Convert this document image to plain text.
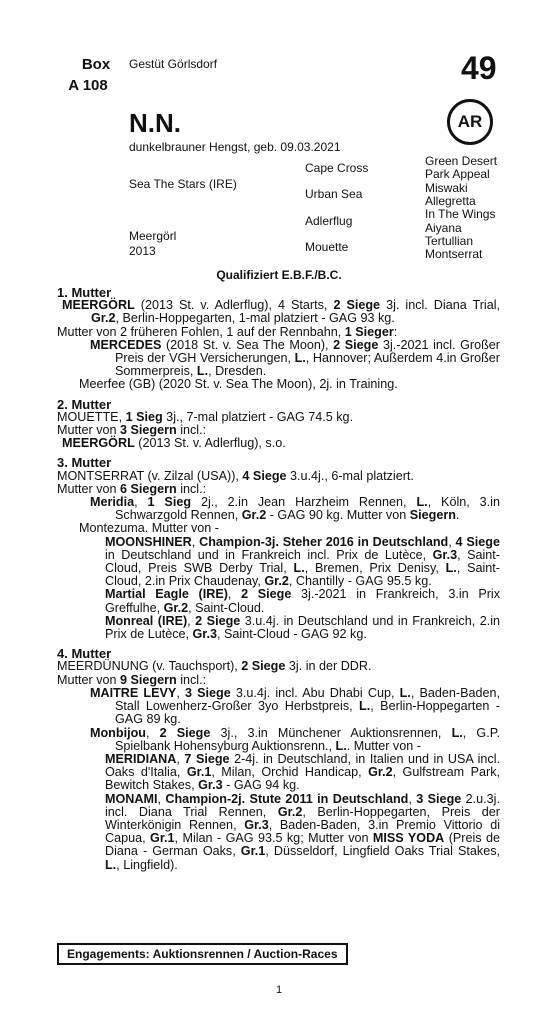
Box
A 108
Gestüt Görlsdorf	49
AR
N.N.
dunkelbrauner Hengst, geb. 09.03.2021
Sea The Stars (IRE)
Meergörl
2013
Cape Cross
Urban Sea
Adlerflug
Mouette
Green Desert
Park Appeal
Miswaki
Allegretta
In The Wings
Aiyana
Tertullian
Montserrat
Qualifiziert E.B.F./B.C.

1. Mutter

MEERGÖRL (2013 St. v. Adlerflug), 4 Starts, 2 Siege 3j. incl. Diana Trial, Gr.2, Berlin-Hoppegarten, 1-mal platziert - GAG 93 kg.

Mutter von 2 früheren Fohlen, 1 auf der Rennbahn, 1 Sieger:

MERCEDES (2018 St. v. Sea The Moon), 2 Siege 3j.-2021 incl. Großer Preis der VGH Versicherungen, L., Hannover; Außerdem 4.in Großer Sommerpreis, L., Dresden.

Meerfee (GB) (2020 St. v. Sea The Moon), 2j. in Training.

2. Mutter

MOUETTE, 1 Sieg 3j., 7-mal platziert - GAG 74.5 kg.

Mutter von 3 Siegern incl.:

MEERGÖRL (2013 St. v. Adlerflug), s.o.

3. Mutter

MONTSERRAT (v. Zilzal (USA)), 4 Siege 3.u.4j., 6-mal platziert.

Mutter von 6 Siegern incl.:

Meridia, 1 Sieg 2j., 2.in Jean Harzheim Rennen, L., Köln, 3.in Schwarzgold Rennen, Gr.2 - GAG 90 kg. Mutter von Siegern.

Montezuma. Mutter von -

MOONSHINER, Champion-3j. Steher 2016 in Deutschland, 4 Siege in Deutschland und in Frankreich incl. Prix de Lutèce, Gr.3, Saint-Cloud, Preis SWB Derby Trial, L., Bremen, Prix Denisy, L., Saint-Cloud, 2.in Prix Chaudenay, Gr.2, Chantilly - GAG 95.5 kg.

Martial Eagle (IRE), 2 Siege 3j.-2021 in Frankreich, 3.in Prix Greffulhe, Gr.2, Saint-Cloud.

Monreal (IRE), 2 Siege 3.u.4j. in Deutschland und in Frankreich, 2.in Prix de Lutèce, Gr.3, Saint-Cloud - GAG 92 kg.

4. Mutter

MEERDÜNUNG (v. Tauchsport), 2 Siege 3j. in der DDR.

Mutter von 9 Siegern incl.:

MAITRE LEVY, 3 Siege 3.u.4j. incl. Abu Dhabi Cup, L., Baden-Baden, Stall Lowenherz-Großer 3yo Herbstpreis, L., Berlin-Hoppegarten - GAG 89 kg.

Monbijou, 2 Siege 3j., 3.in Münchener Auktionsrennen, L., G.P. Spielbank Hohensyburg Auktionsrenn., L.. Mutter von -

MERIDIANA, 7 Siege 2-4j. in Deutschland, in Italien und in USA incl. Oaks d'Italia, Gr.1, Milan, Orchid Handicap, Gr.2, Gulfstream Park, Bewitch Stakes, Gr.3 - GAG 94 kg.

MONAMI, Champion-2j. Stute 2011 in Deutschland, 3 Siege 2.u.3j. incl. Diana Trial Rennen, Gr.2, Berlin-Hoppegarten, Preis der Winterkönigin Rennen, Gr.3, Baden-Baden, 3.in Premio Vittorio di Capua, Gr.1, Milan - GAG 93.5 kg; Mutter von MISS YODA (Preis de Diana - German Oaks, Gr.1, Düsseldorf, Lingfield Oaks Trial Stakes, L., Lingfield).

Engagements: Auktionsrennen / Auction-Races
1
